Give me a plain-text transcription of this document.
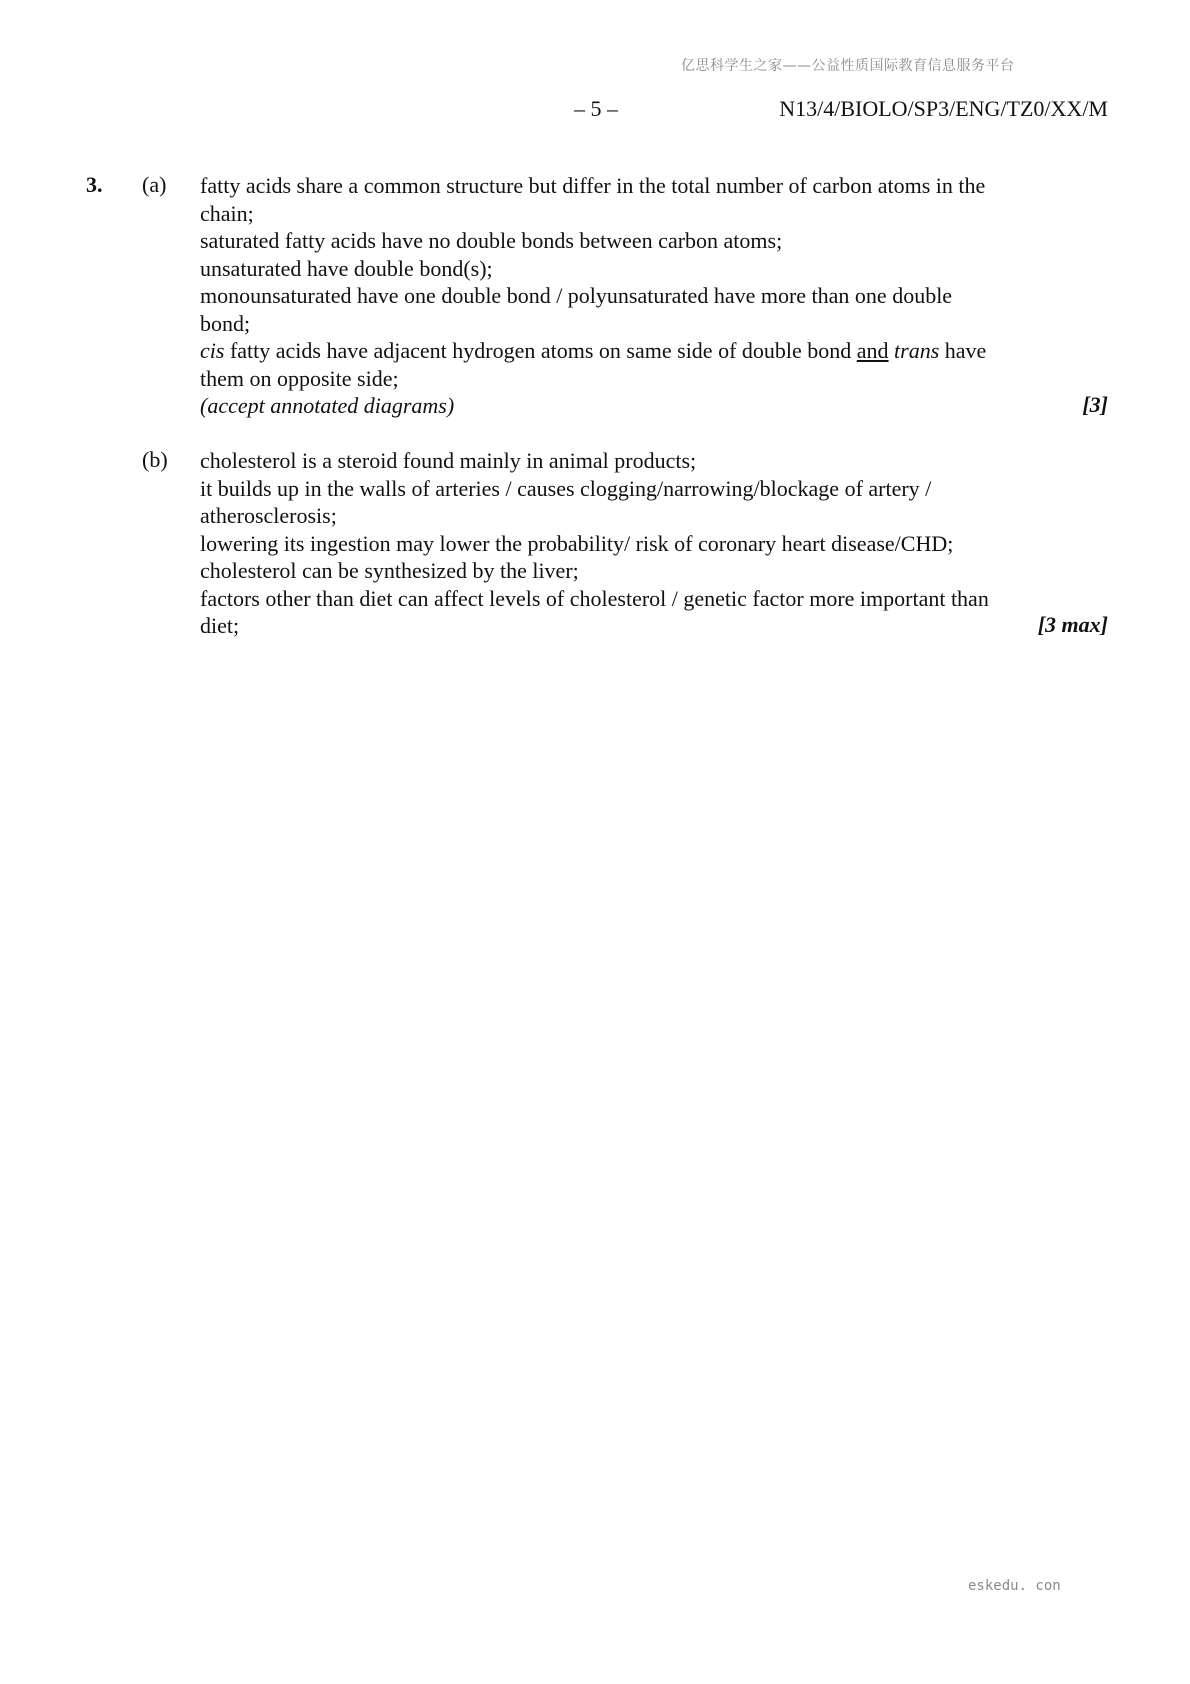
亿思科学生之家——公益性质国际教育信息服务平台
– 5 –	N13/4/BIOLO/SP3/ENG/TZ0/XX/M
3. (a) fatty acids share a common structure but differ in the total number of carbon atoms in the chain;

saturated fatty acids have no double bonds between carbon atoms;

unsaturated have double bond(s);

monounsaturated have one double bond / polyunsaturated have more than one double bond;

cis fatty acids have adjacent hydrogen atoms on same side of double bond and trans have them on opposite side;

(accept annotated diagrams)	[3]
(b) cholesterol is a steroid found mainly in animal products;

it builds up in the walls of arteries / causes clogging/narrowing/blockage of artery / atherosclerosis;

lowering its ingestion may lower the probability/ risk of coronary heart disease/CHD;

cholesterol can be synthesized by the liver;

factors other than diet can affect levels of cholesterol / genetic factor more important than diet;	[3 max]
eskedu. con
